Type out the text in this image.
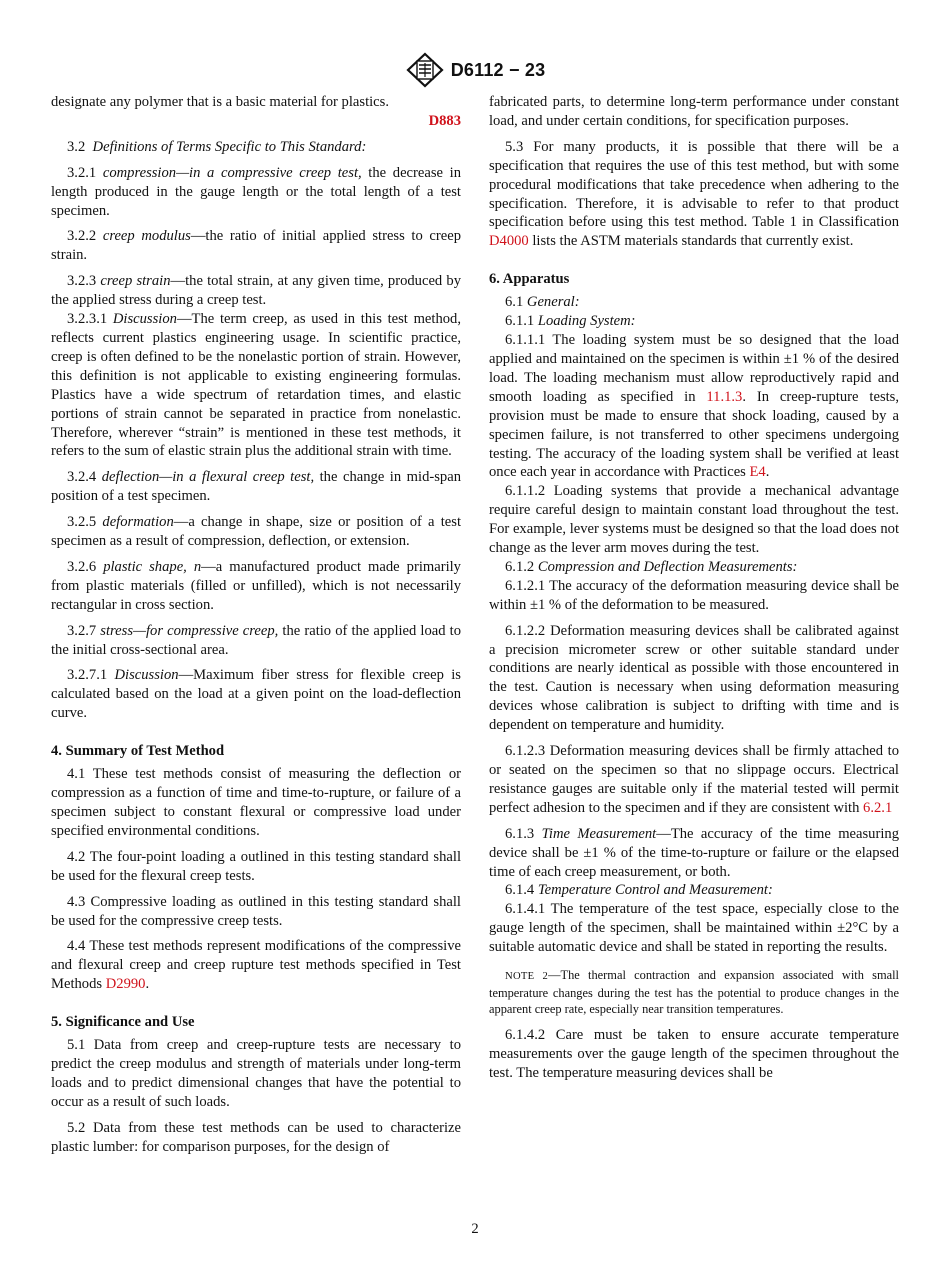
D6112 − 23

designate any polymer that is a basic material for plastics.

D883

3.2 Definitions of Terms Specific to This Standard:

3.2.1 compression—in a compressive creep test, the decrease in length produced in the gauge length or the total length of a test specimen.

3.2.2 creep modulus—the ratio of initial applied stress to creep strain.

3.2.3 creep strain—the total strain, at any given time, produced by the applied stress during a creep test.

3.2.3.1 Discussion—The term creep, as used in this test method, reflects current plastics engineering usage. In scientific practice, creep is often defined to be the nonelastic portion of strain. However, this definition is not applicable to existing engineering formulas. Plastics have a wide spectrum of retardation times, and elastic portions of strain cannot be separated in practice from nonelastic. Therefore, wherever “strain” is mentioned in these test methods, it refers to the sum of elastic strain plus the additional strain with time.

3.2.4 deflection—in a flexural creep test, the change in mid-span position of a test specimen.

3.2.5 deformation—a change in shape, size or position of a test specimen as a result of compression, deflection, or extension.

3.2.6 plastic shape, n—a manufactured product made primarily from plastic materials (filled or unfilled), which is not necessarily rectangular in cross section.

3.2.7 stress—for compressive creep, the ratio of the applied load to the initial cross-sectional area.

3.2.7.1 Discussion—Maximum fiber stress for flexible creep is calculated based on the load at a given point on the load-deflection curve.

4. Summary of Test Method

4.1 These test methods consist of measuring the deflection or compression as a function of time and time-to-rupture, or failure of a specimen subject to constant flexural or compressive load under specified environmental conditions.

4.2 The four-point loading a outlined in this testing standard shall be used for the flexural creep tests.

4.3 Compressive loading as outlined in this testing standard shall be used for the compressive creep tests.

4.4 These test methods represent modifications of the compressive and flexural creep and creep rupture test methods specified in Test Methods D2990.

5. Significance and Use

5.1 Data from creep and creep-rupture tests are necessary to predict the creep modulus and strength of materials under long-term loads and to predict dimensional changes that have the potential to occur as a result of such loads.

5.2 Data from these test methods can be used to characterize plastic lumber: for comparison purposes, for the design of

fabricated parts, to determine long-term performance under constant load, and under certain conditions, for specification purposes.

5.3 For many products, it is possible that there will be a specification that requires the use of this test method, but with some procedural modifications that take precedence when adhering to the specification. Therefore, it is advisable to refer to that product specification before using this test method. Table 1 in Classification D4000 lists the ASTM materials standards that currently exist.

6. Apparatus

6.1 General:

6.1.1 Loading System:

6.1.1.1 The loading system must be so designed that the load applied and maintained on the specimen is within ±1 % of the desired load. The loading mechanism must allow reproductively rapid and smooth loading as specified in 11.1.3. In creep-rupture tests, provision must be made to ensure that shock loading, caused by a specimen failure, is not transferred to other specimens undergoing testing. The accuracy of the loading system shall be verified at least once each year in accordance with Practices E4.

6.1.1.2 Loading systems that provide a mechanical advantage require careful design to maintain constant load throughout the test. For example, lever systems must be designed so that the load does not change as the lever arm moves during the test.

6.1.2 Compression and Deflection Measurements:

6.1.2.1 The accuracy of the deformation measuring device shall be within ±1 % of the deformation to be measured.

6.1.2.2 Deformation measuring devices shall be calibrated against a precision micrometer screw or other suitable standard under conditions are nearly identical as possible with those encountered in the test. Caution is necessary when using deformation measuring devices whose calibration is subject to drifting with time and is dependent on temperature and humidity.

6.1.2.3 Deformation measuring devices shall be firmly attached to or seated on the specimen so that no slippage occurs. Electrical resistance gauges are suitable only if the material tested will permit perfect adhesion to the specimen and if they are consistent with 6.2.1

6.1.3 Time Measurement—The accuracy of the time measuring device shall be ±1 % of the time-to-rupture or failure or the elapsed time of each creep measurement, or both.

6.1.4 Temperature Control and Measurement:

6.1.4.1 The temperature of the test space, especially close to the gauge length of the specimen, shall be maintained within ±2°C by a suitable automatic device and shall be stated in reporting the results.

NOTE 2—The thermal contraction and expansion associated with small temperature changes during the test has the potential to produce changes in the apparent creep rate, especially near transition temperatures.

6.1.4.2 Care must be taken to ensure accurate temperature measurements over the gauge length of the specimen throughout the test. The temperature measuring devices shall be

2
